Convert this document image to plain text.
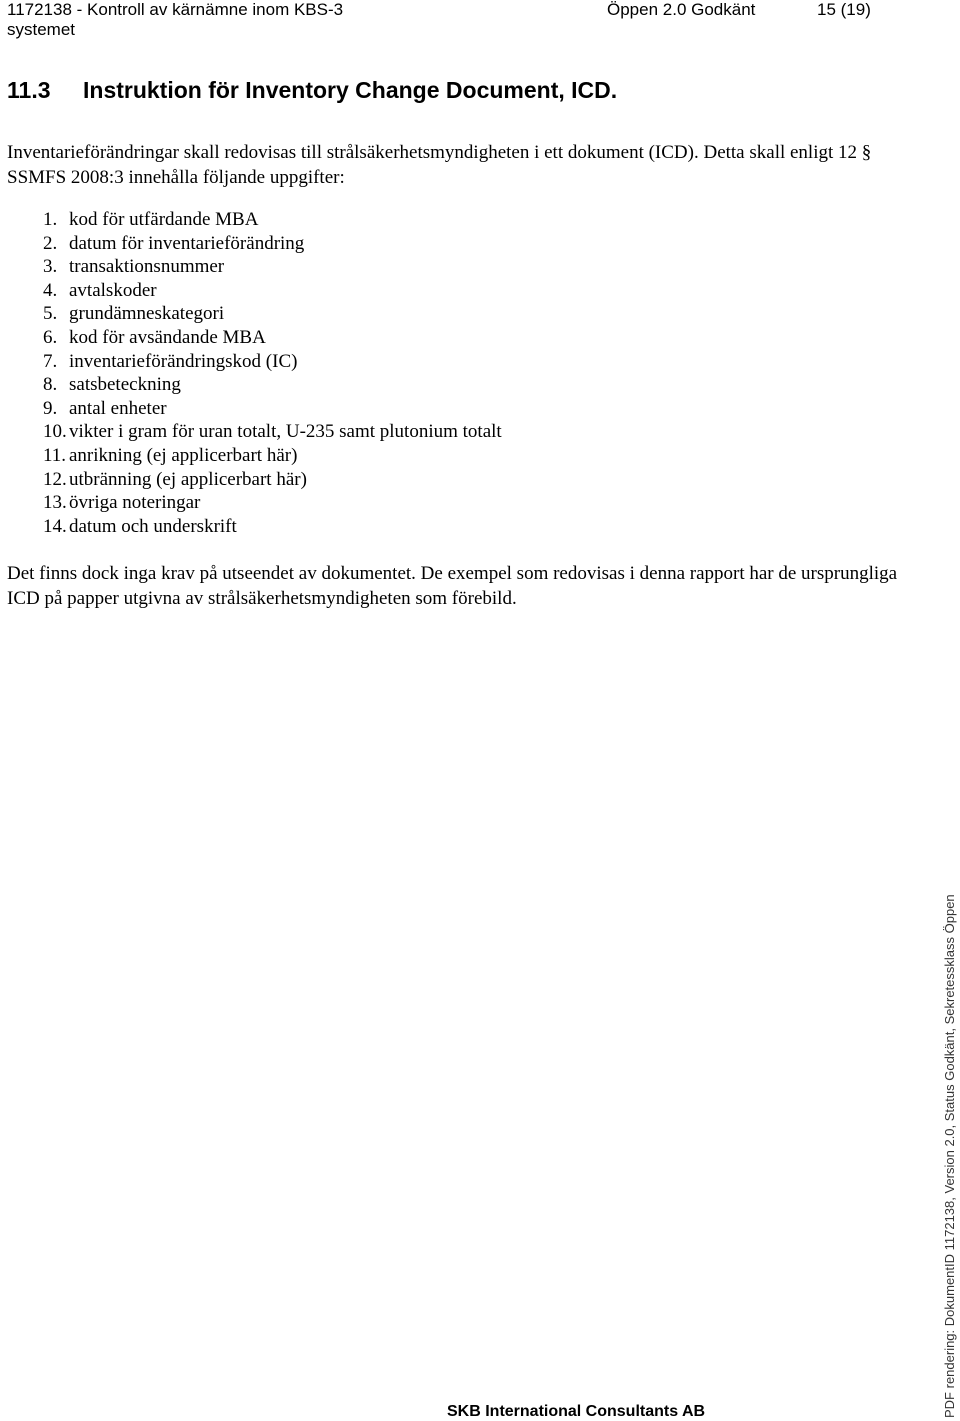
1172138 - Kontroll av kärnämne inom KBS-3 systemet
Öppen 2.0 Godkänt	15 (19)
11.3 Instruktion för Inventory Change Document, ICD.
Inventarieförändringar skall redovisas till strålsäkerhetsmyndigheten i ett dokument (ICD). Detta skall enligt 12 § SSMFS 2008:3 innehålla följande uppgifter:
1. kod för utfärdande MBA
2. datum för inventarieförändring
3. transaktionsnummer
4. avtalskoder
5. grundämneskategori
6. kod för avsändande MBA
7. inventarieförändringskod (IC)
8. satsbeteckning
9. antal enheter
10. vikter i gram för uran totalt, U-235 samt plutonium totalt
11. anrikning (ej applicerbart här)
12. utbränning (ej applicerbart här)
13. övriga noteringar
14. datum och underskrift
Det finns dock inga krav på utseendet av dokumentet. De exempel som redovisas i denna rapport har de ursprungliga ICD på papper utgivna av strålsäkerhetsmyndigheten som förebild.
SKB International Consultants AB	PDF rendering: DokumentID 1172138, Version 2.0, Status Godkänt, Sekretessklass Öppen
